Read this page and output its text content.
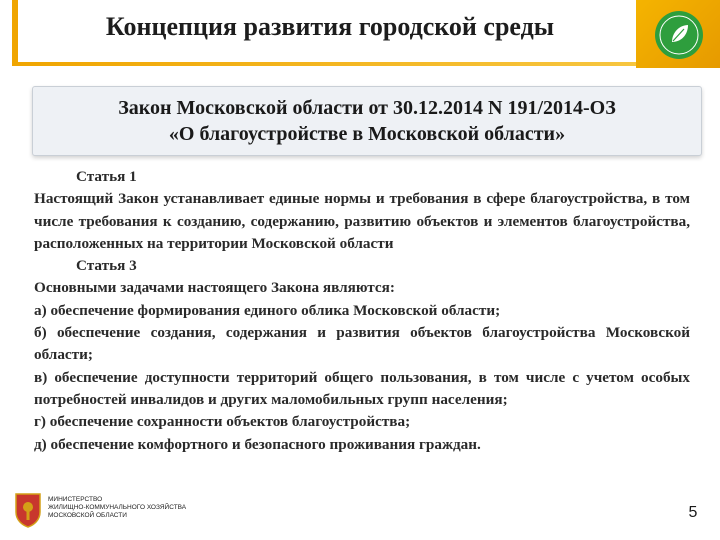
Концепция развития городской среды
Закон Московской области от 30.12.2014 N 191/2014-ОЗ
«О благоустройстве в Московской области»

Статья 1

Настоящий Закон устанавливает единые нормы и требования в сфере благоустройства, в том числе требования к созданию, содержанию, развитию объектов и элементов благоустройства, расположенных на территории Московской области

Статья 3

Основными задачами настоящего Закона являются:

а) обеспечение формирования единого облика Московской области;

б) обеспечение создания, содержания и развития объектов благоустройства Московской области;

в) обеспечение доступности территорий общего пользования, в том числе с учетом особых потребностей инвалидов и других маломобильных групп населения;

г) обеспечение сохранности объектов благоустройства;

д) обеспечение комфортного и безопасного проживания граждан.

МИНИСТЕРСТВО
ЖИЛИЩНО-КОММУНАЛЬНОГО ХОЗЯЙСТВА
МОСКОВСКОЙ ОБЛАСТИ	5
